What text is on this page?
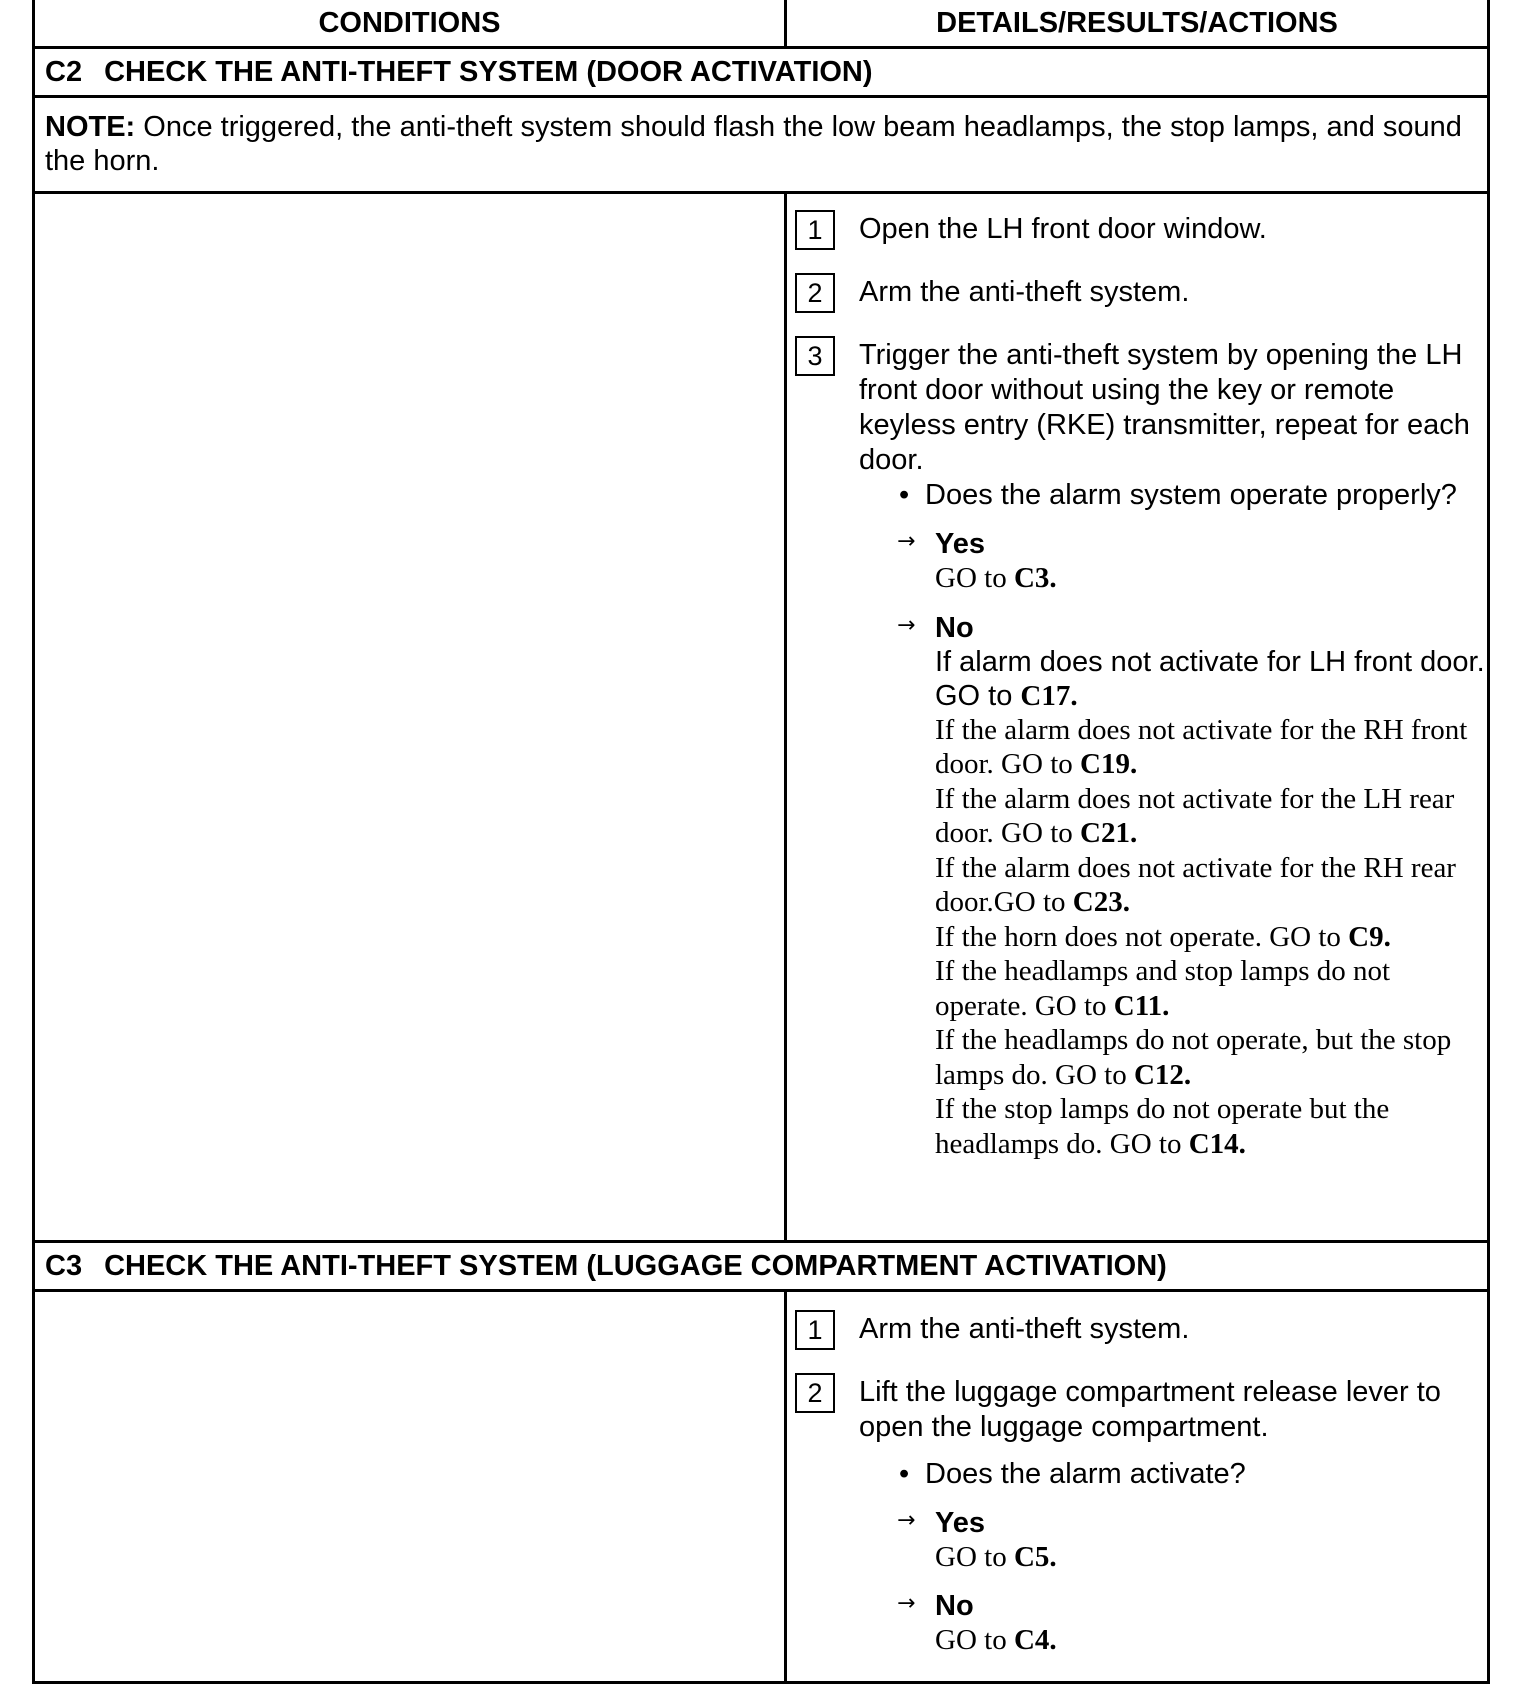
CONDITIONS	DETAILS/RESULTS/ACTIONS
C2 CHECK THE ANTI-THEFT SYSTEM (DOOR ACTIVATION)
NOTE: Once triggered, the anti-theft system should flash the low beam headlamps, the stop lamps, and sound the horn.
1	Open the LH front door window.
2	Arm the anti-theft system.
3	Trigger the anti-theft system by opening the LH front door without using the key or remote keyless entry (RKE) transmitter, repeat for each door.
• Does the alarm system operate properly?
→ Yes
GO to C3.
→ No
If alarm does not activate for LH front door. GO to C17.
If the alarm does not activate for the RH front door. GO to C19.
If the alarm does not activate for the LH rear door. GO to C21.
If the alarm does not activate for the RH rear door.GO to C23.
If the horn does not operate. GO to C9.
If the headlamps and stop lamps do not operate. GO to C11.
If the headlamps do not operate, but the stop lamps do. GO to C12.
If the stop lamps do not operate but the headlamps do. GO to C14.
C3 CHECK THE ANTI-THEFT SYSTEM (LUGGAGE COMPARTMENT ACTIVATION)
1	Arm the anti-theft system.
2	Lift the luggage compartment release lever to open the luggage compartment.
• Does the alarm activate?
→ Yes
GO to C5.
→ No
GO to C4.
